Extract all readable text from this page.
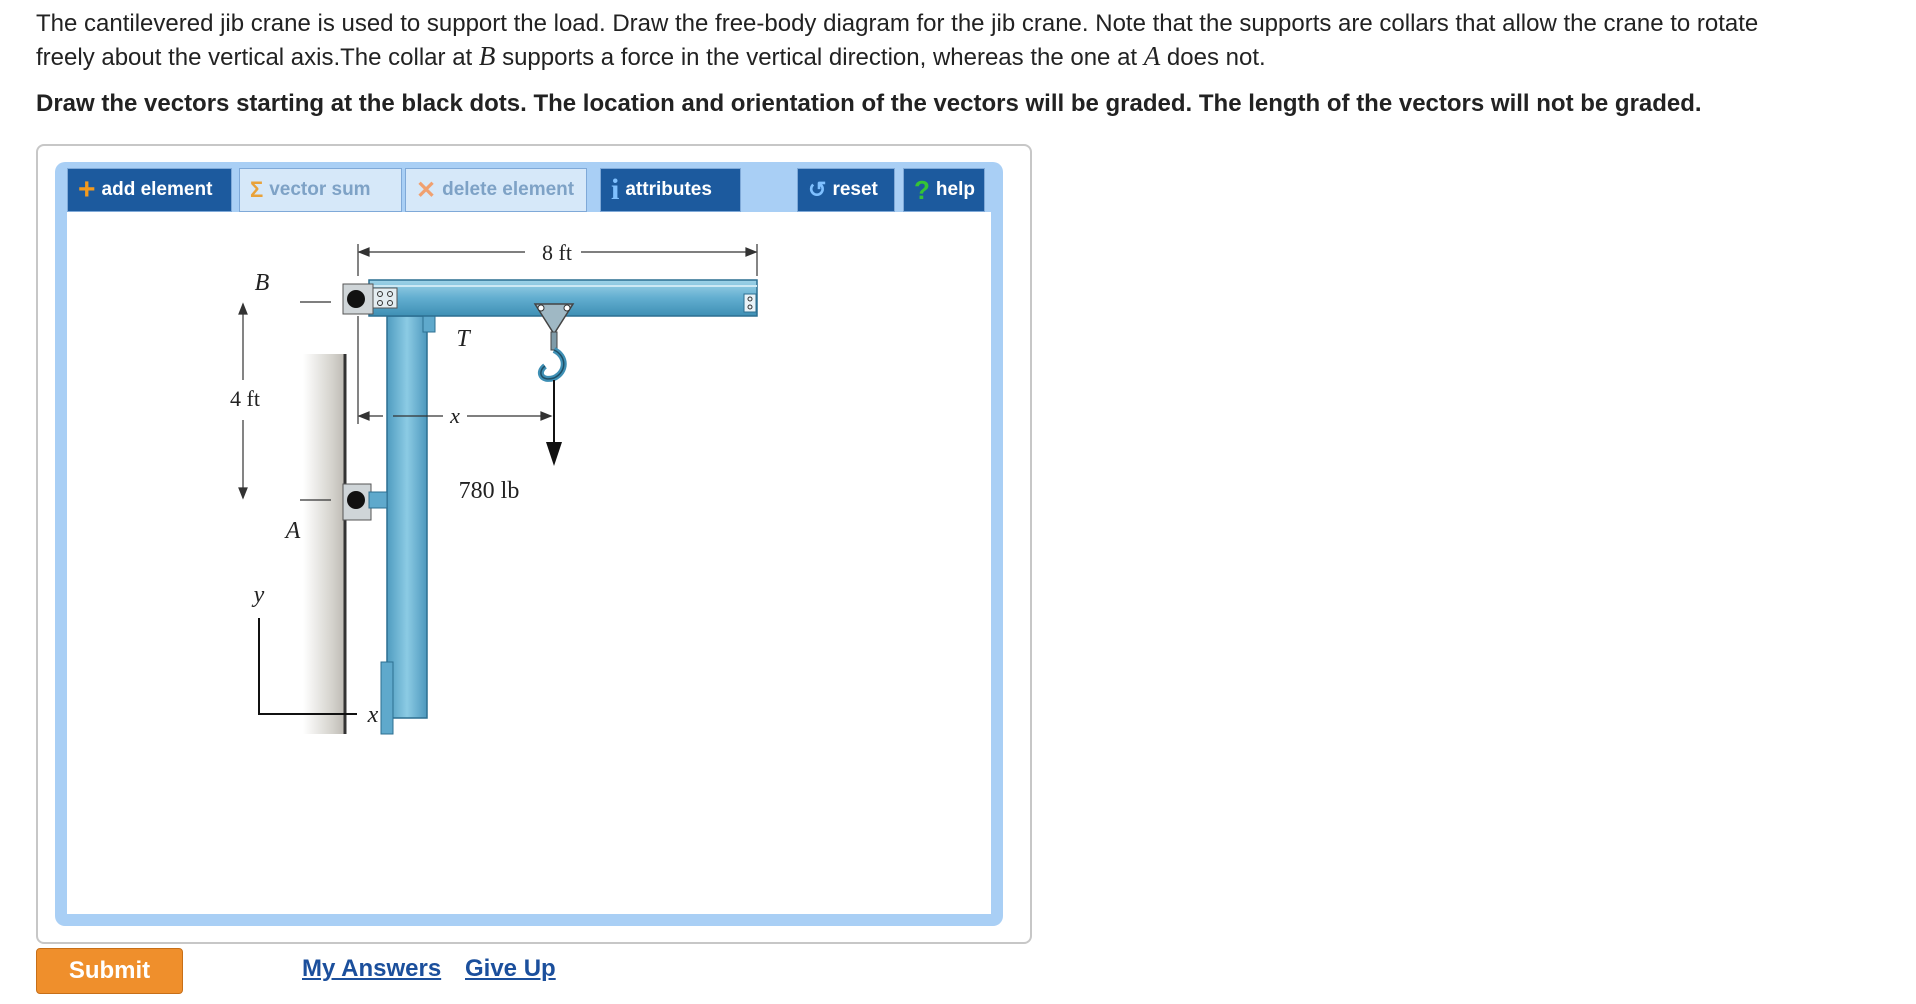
The cantilevered jib crane is used to support the load. Draw the free-body diagram for the jib crane. Note that the supports are collars that allow the crane to rotate
freely about the vertical axis.The collar at B supports a force in the vertical direction, whereas the one at A does not.
Draw the vectors starting at the black dots. The location and orientation of the vectors will be graded. The length of the vectors will not be graded.
+ add element Σ vector sum ✕ delete element i attributes	↺ reset ? help
8 ft
4 ft
x
B
A
T
780 lb
y
x
Submit	My Answers Give Up
